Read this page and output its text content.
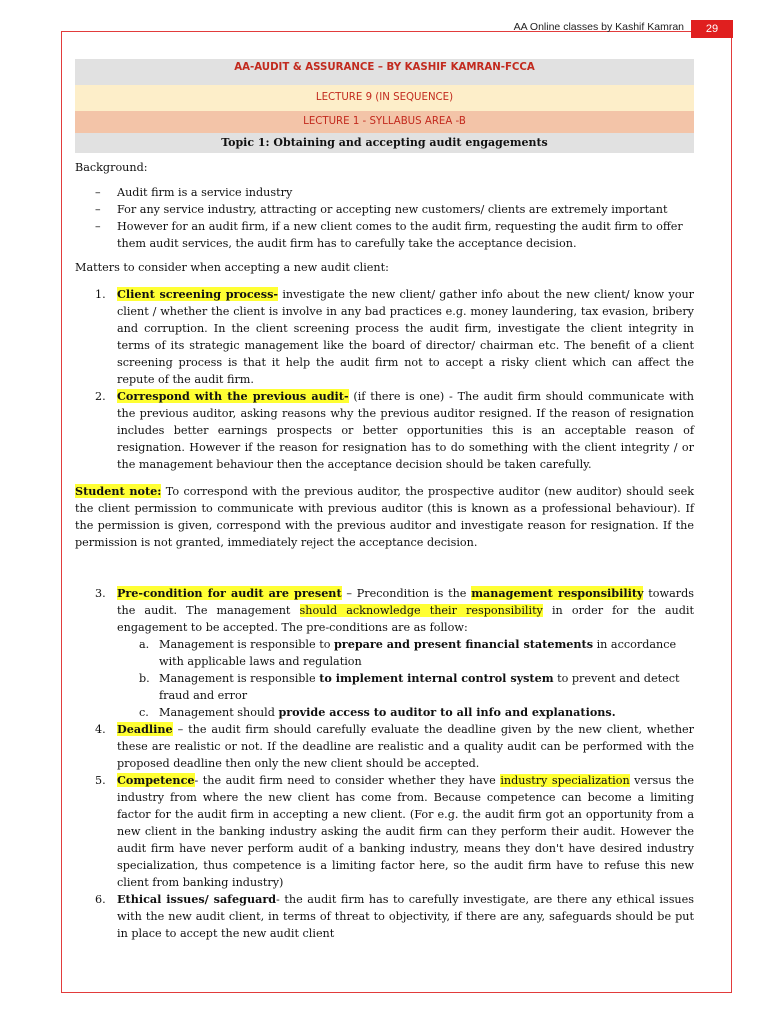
AA Online classes by Kashif Kamran	29
AA-AUDIT & ASSURANCE – BY KASHIF KAMRAN-FCCA
LECTURE 9 (IN SEQUENCE)
LECTURE 1 - SYLLABUS AREA -B
Topic 1: Obtaining and accepting audit engagements

Background:

– Audit firm is a service industry
– For any service industry, attracting or accepting new customers/ clients are extremely important
– However for an audit firm, if a new client comes to the audit firm, requesting the audit firm to offer them audit services, the audit firm has to carefully take the acceptance decision.

Matters to consider when accepting a new audit client:

1. Client screening process- investigate the new client/ gather info about the new client/ know your client / whether the client is involve in any bad practices e.g. money laundering, tax evasion, bribery and corruption. In the client screening process the audit firm, investigate the client integrity in terms of its strategic management like the board of director/ chairman etc. The benefit of a client screening process is that it help the audit firm not to accept a risky client which can affect the repute of the audit firm.
2. Correspond with the previous audit- (if there is one) - The audit firm should communicate with the previous auditor, asking reasons why the previous auditor resigned. If the reason of resignation includes better earnings prospects or better opportunities this is an acceptable reason of resignation. However if the reason for resignation has to do something with the client integrity / or the management behaviour then the acceptance decision should be taken carefully.

Student note: To correspond with the previous auditor, the prospective auditor (new auditor) should seek the client permission to communicate with previous auditor (this is known as a professional behaviour). If the permission is given, correspond with the previous auditor and investigate reason for resignation. If the permission is not granted, immediately reject the acceptance decision.

3. Pre-condition for audit are present – Precondition is the management responsibility towards the audit. The management should acknowledge their responsibility in order for the audit engagement to be accepted. The pre-conditions are as follow:
a. Management is responsible to prepare and present financial statements in accordance with applicable laws and regulation
b. Management is responsible to implement internal control system to prevent and detect fraud and error
c. Management should provide access to auditor to all info and explanations.
4. Deadline – the audit firm should carefully evaluate the deadline given by the new client, whether these are realistic or not. If the deadline are realistic and a quality audit can be performed with the proposed deadline then only the new client should be accepted.
5. Competence- the audit firm need to consider whether they have industry specialization versus the industry from where the new client has come from. Because competence can become a limiting factor for the audit firm in accepting a new client. (For e.g. the audit firm got an opportunity from a new client in the banking industry asking the audit firm can they perform their audit. However the audit firm have never perform audit of a banking industry, means they don't have desired industry specialization, thus competence is a limiting factor here, so the audit firm have to refuse this new client from banking industry)
6. Ethical issues/ safeguard- the audit firm has to carefully investigate, are there any ethical issues with the new audit client, in terms of threat to objectivity, if there are any, safeguards should be put in place to accept the new audit client
